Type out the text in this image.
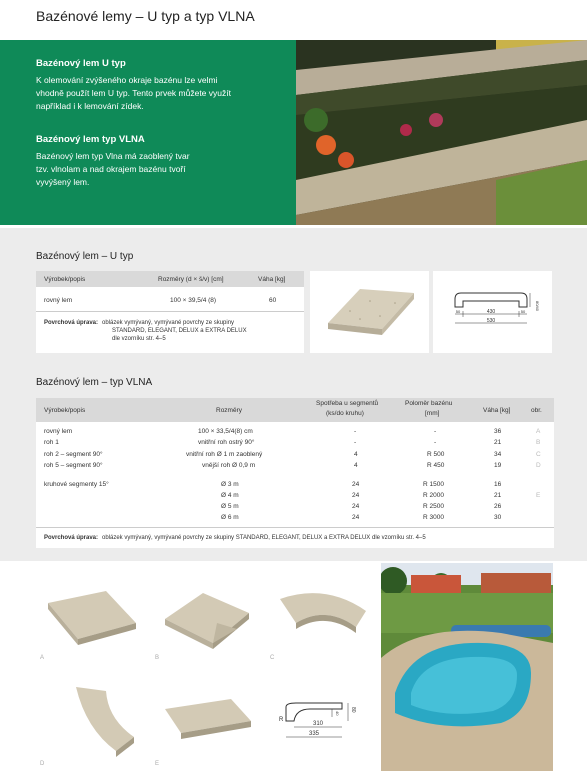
Bazénové lemy – U typ a typ VLNA
Bazénový lem U typ
K olemování zvýšeného okraje bazénu lze velmi
vhodně použít lem U typ. Tento prvek můžete využít
například i k lemování zídek.
Bazénový lem typ VLNA
Bazénový lem typ Vlna má zaoblený tvar
tzv. vlnolam a nad okrajem bazénu tvoří
vyvýšený lem.
Bazénový lem – U typ
Výrobek/popis	Rozměry (d × š/v) [cm]	Váha [kg]
rovný lem	100 × 39,5/4 (8)	60
Povrchová úprava: oblázek vymývaný, vymývané povrchy ze skupiny
STANDARD, ELEGANT, DELUX a EXTRA DELUX
dle vzorníku str. 4–5
430
530
50	50
80/40
Bazénový lem – typ VLNA
Výrobek/popis	Rozměry
Spotřeba u segmentů
(ks/do kruhu)
Poloměr bazénu
[mm]	Váha [kg]	obr.
rovný lem	100 × 33,5/4(8) cm	-	-	36	A
roh 1	vnitřní roh ostrý 90°	-	-	21	B
roh 2 – segment 90°	vnitřní roh Ø 1 m zaoblený	4	R 500	34	C
roh 5 – segment 90°	vnější roh Ø 0,9 m	4	R 450	19	D
kruhové segmenty 15°	Ø 3 m	24	R 1500	16
Ø 4 m	24	R 2000	21	E
Ø 5 m	24	R 2500	26
Ø 6 m	24	R 3000	30
Povrchová úprava: oblázek vymývaný, vymývané povrchy ze skupiny STANDARD, ELEGANT, DELUX a EXTRA DELUX dle vzorníku str. 4–5
A	B	C
D	E
R
310
335
80
40
